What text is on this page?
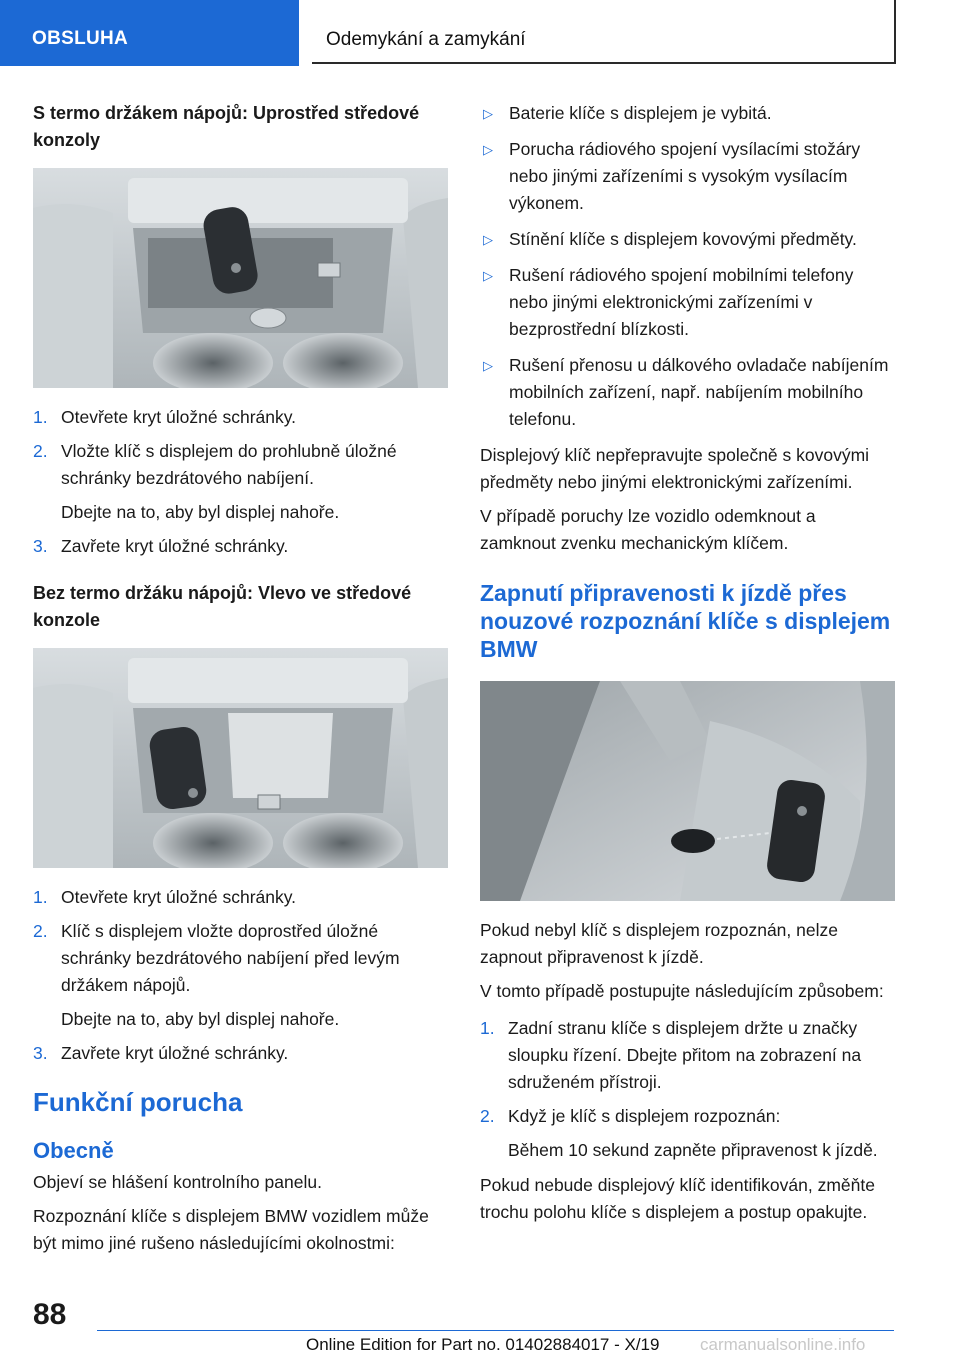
OBSLUHA	Odemykání a zamykání
S termo držákem nápojů: Uprostřed středové konzoly
1. Otevřete kryt úložné schránky.
2. Vložte klíč s displejem do prohlubně úložné schránky bezdrátového nabíjení.
Dbejte na to, aby byl displej nahoře.
3. Zavřete kryt úložné schránky.
Bez termo držáku nápojů: Vlevo ve středové konzole
1. Otevřete kryt úložné schránky.
2. Klíč s displejem vložte doprostřed úložné schránky bezdrátového nabíjení před levým držákem nápojů.
Dbejte na to, aby byl displej nahoře.
3. Zavřete kryt úložné schránky.
Funkční porucha
Obecně

Objeví se hlášení kontrolního panelu.

Rozpoznání klíče s displejem BMW vozidlem může být mimo jiné rušeno následujícími okolnostmi:

▷ Baterie klíče s displejem je vybitá.
▷ Porucha rádiového spojení vysílacími stožáry nebo jinými zařízeními s vysokým vysílacím výkonem.
▷ Stínění klíče s displejem kovovými předměty.
▷ Rušení rádiového spojení mobilními telefony nebo jinými elektronickými zařízeními v bezprostřední blízkosti.
▷ Rušení přenosu u dálkového ovladače nabíjením mobilních zařízení, např. nabíjením mobilního telefonu.

Displejový klíč nepřepravujte společně s kovovými předměty nebo jinými elektronickými zařízeními.

V případě poruchy lze vozidlo odemknout a zamknout zvenku mechanickým klíčem.

Zapnutí připravenosti k jízdě přes nouzové rozpoznání klíče s displejem BMW

Pokud nebyl klíč s displejem rozpoznán, nelze zapnout připravenost k jízdě.

V tomto případě postupujte následujícím způsobem:

1. Zadní stranu klíče s displejem držte u značky sloupku řízení. Dbejte přitom na zobrazení na sdruženém přístroji.
2. Když je klíč s displejem rozpoznán:
Během 10 sekund zapněte připravenost k jízdě.

Pokud nebude displejový klíč identifikován, změňte trochu polohu klíče s displejem a postup opakujte.

88
Online Edition for Part no. 01402884017 - X/19 carmanualsonline.info
